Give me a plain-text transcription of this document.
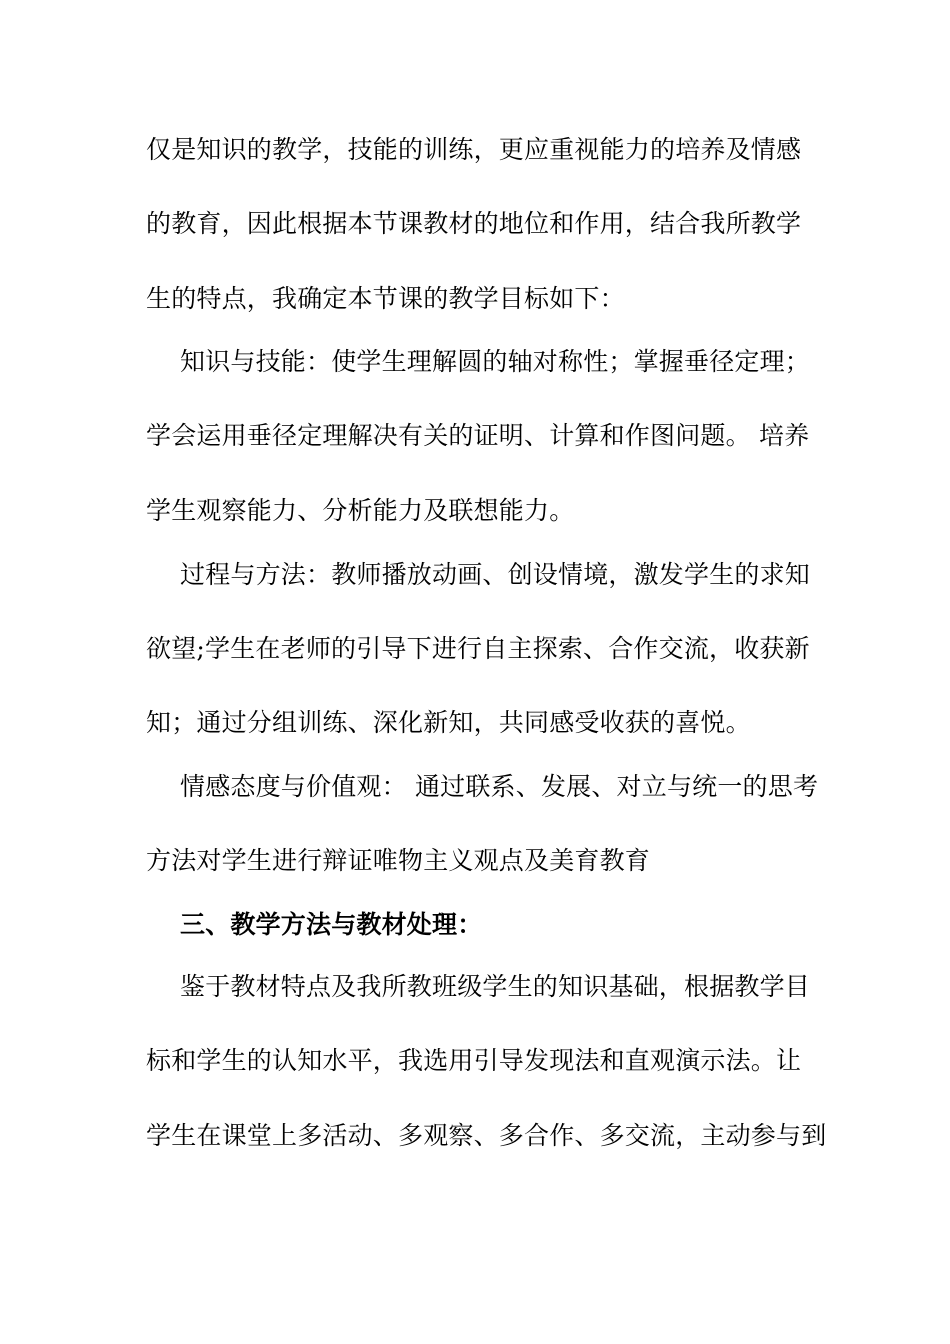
仅是知识的教学，技能的训练，更应重视能力的培养及情感
的教育，因此根据本节课教材的地位和作用，结合我所教学
生的特点，我确定本节课的教学目标如下：
知识与技能：使学生理解圆的轴对称性；掌握垂径定理；
学会运用垂径定理解决有关的证明、计算和作图问题。 培养
学生观察能力、分析能力及联想能力。
过程与方法：教师播放动画、创设情境，激发学生的求知
欲望;学生在老师的引导下进行自主探索、合作交流，收获新
知；通过分组训练、深化新知，共同感受收获的喜悦。
情感态度与价值观： 通过联系、发展、对立与统一的思考
方法对学生进行辩证唯物主义观点及美育教育
三、教学方法与教材处理：
鉴于教材特点及我所教班级学生的知识基础，根据教学目
标和学生的认知水平，我选用引导发现法和直观演示法。让
学生在课堂上多活动、多观察、多合作、多交流，主动参与到
